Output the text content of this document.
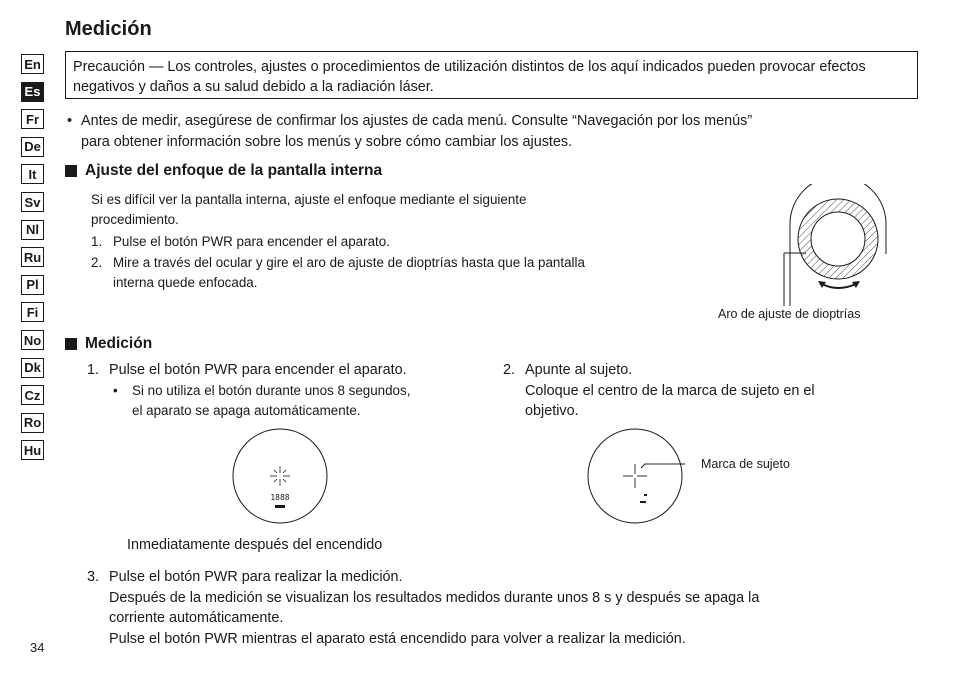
Medición
En
Es
Fr
De
It
Sv
Nl
Ru
Pl
Fi
No
Dk
Cz
Ro
Hu
Precaución — Los controles, ajustes o procedimientos de utilización distintos de los aquí indicados pueden provocar efectos negativos y daños a su salud debido a la radiación láser.
• Antes de medir, asegúrese de confirmar los ajustes de cada menú. Consulte “Navegación por los menús”
para obtener información sobre los menús y sobre cómo cambiar los ajustes.
Ajuste del enfoque de la pantalla interna
Si es difícil ver la pantalla interna, ajuste el enfoque mediante el siguiente
procedimiento.
1. Pulse el botón PWR para encender el aparato.
2. Mire a través del ocular y gire el aro de ajuste de dioptrías hasta que la pantalla
interna quede enfocada.
Aro de ajuste de dioptrías
Medición
1. Pulse el botón PWR para encender el aparato.
• Si no utiliza el botón durante unos 8 segundos,
el aparato se apaga automáticamente.
2. Apunte al sujeto.
Coloque el centro de la marca de sujeto en el
objetivo.
1888
Inmediatamente después del encendido
Marca de sujeto
3. Pulse el botón PWR para realizar la medición.
Después de la medición se visualizan los resultados medidos durante unos 8 s y después se apaga la
corriente automáticamente.
Pulse el botón PWR mientras el aparato está encendido para volver a realizar la medición.
34
